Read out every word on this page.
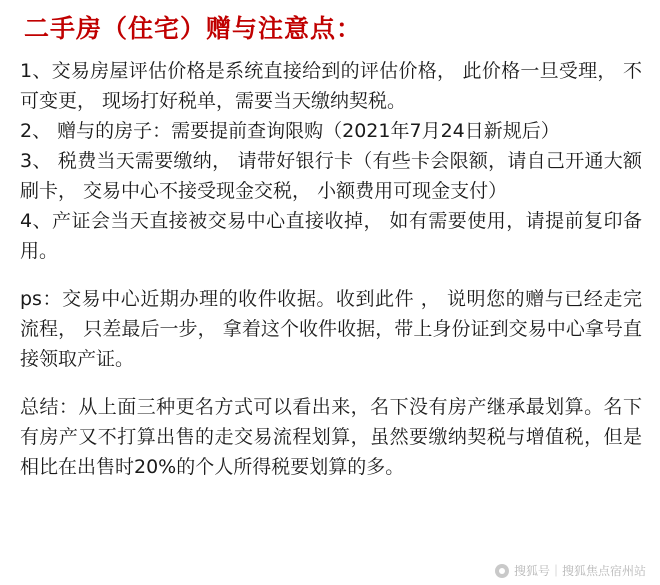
二手房（住宅）赠与注意点：

1、交易房屋评估价格是系统直接给到的评估价格， 此价格一旦受理， 不可变更， 现场打好税单，需要当天缴纳契税。

2、 赠与的房子：需要提前查询限购（2021年7月24日新规后）

3、 税费当天需要缴纳， 请带好银行卡（有些卡会限额，请自己开通大额刷卡， 交易中心不接受现金交税， 小额费用可现金支付）

4、产证会当天直接被交易中心直接收掉， 如有需要使用，请提前复印备用。

ps：交易中心近期办理的收件收据。收到此件 ， 说明您的赠与已经走完流程， 只差最后一步， 拿着这个收件收据，带上身份证到交易中心拿号直接领取产证。

总结：从上面三种更名方式可以看出来，名下没有房产继承最划算。名下有房产又不打算出售的走交易流程划算，虽然要缴纳契税与增值税，但是相比在出售时20%的个人所得税要划算的多。

搜狐号｜搜狐焦点宿州站
